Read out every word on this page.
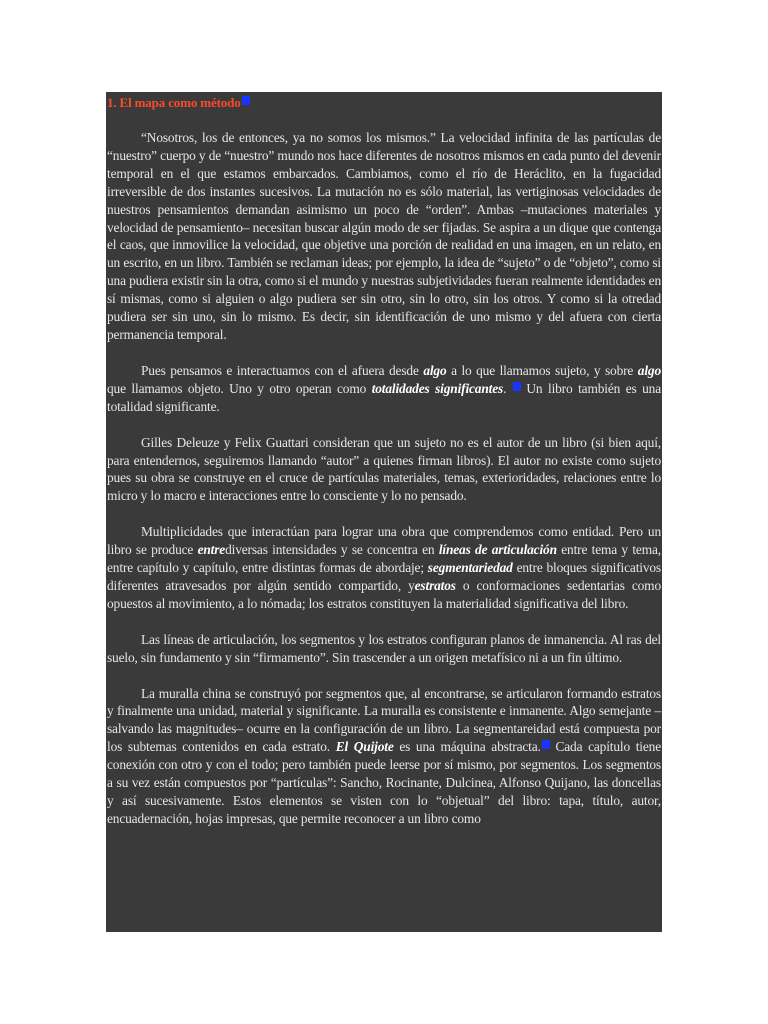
1. El mapa como método

“Nosotros, los de entonces, ya no somos los mismos.” La velocidad infinita de las partículas de “nuestro” cuerpo y de “nuestro” mundo nos hace diferentes de nosotros mismos en cada punto del devenir temporal en el que estamos embarcados. Cambiamos, como el río de Heráclito, en la fugacidad irreversible de dos instantes sucesivos. La mutación no es sólo material, las vertiginosas velocidades de nuestros pensamientos demandan asimismo un poco de “orden”. Ambas –mutaciones materiales y velocidad de pensamiento– necesitan buscar algún modo de ser fijadas. Se aspira a un dique que contenga el caos, que inmovilice la velocidad, que objetive una porción de realidad en una imagen, en un relato, en un escrito, en un libro. También se reclaman ideas; por ejemplo, la idea de “sujeto” o de “objeto”, como si una pudiera existir sin la otra, como si el mundo y nuestras subjetividades fueran realmente identidades en sí mismas, como si alguien o algo pudiera ser sin otro, sin lo otro, sin los otros. Y como si la otredad pudiera ser sin uno, sin lo mismo. Es decir, sin identificación de uno mismo y del afuera con cierta permanencia temporal.

Pues pensamos e interactuamos con el afuera desde algo a lo que llamamos sujeto, y sobre algo que llamamos objeto. Uno y otro operan como totalidades significantes.  Un libro también es una totalidad significante.

Gilles Deleuze y Felix Guattari consideran que un sujeto no es el autor de un libro (si bien aquí, para entendernos, seguiremos llamando “autor” a quienes firman libros). El autor no existe como sujeto pues su obra se construye en el cruce de partículas materiales, temas, exterioridades, relaciones entre lo micro y lo macro e interacciones entre lo consciente y lo no pensado.

Multiplicidades que interactúan para lograr una obra que comprendemos como entidad. Pero un libro se produce entrediversas intensidades y se concentra en líneas de articulación entre tema y tema, entre capítulo y capítulo, entre distintas formas de abordaje; segmentariedad entre bloques significativos diferentes atravesados por algún sentido compartido, yestratos o conformaciones sedentarias como opuestos al movimiento, a lo nómada; los estratos constituyen la materialidad significativa del libro.

Las líneas de articulación, los segmentos y los estratos configuran planos de inmanencia. Al ras del suelo, sin fundamento y sin “firmamento”. Sin trascender a un origen metafísico ni a un fin último.

La muralla china se construyó por segmentos que, al encontrarse, se articularon formando estratos y finalmente una unidad, material y significante. La muralla es consistente e inmanente. Algo semejante –salvando las magnitudes– ocurre en la configuración de un libro. La segmentareidad está compuesta por los subtemas contenidos en cada estrato. El Quijote es una máquina abstracta. Cada capítulo tiene conexión con otro y con el todo; pero también puede leerse por sí mismo, por segmentos. Los segmentos a su vez están compuestos por “partículas”: Sancho, Rocinante, Dulcinea, Alfonso Quijano, las doncellas y así sucesivamente. Estos elementos se visten con lo “objetual” del libro: tapa, título, autor, encuadernación, hojas impresas, que permite reconocer a un libro como
